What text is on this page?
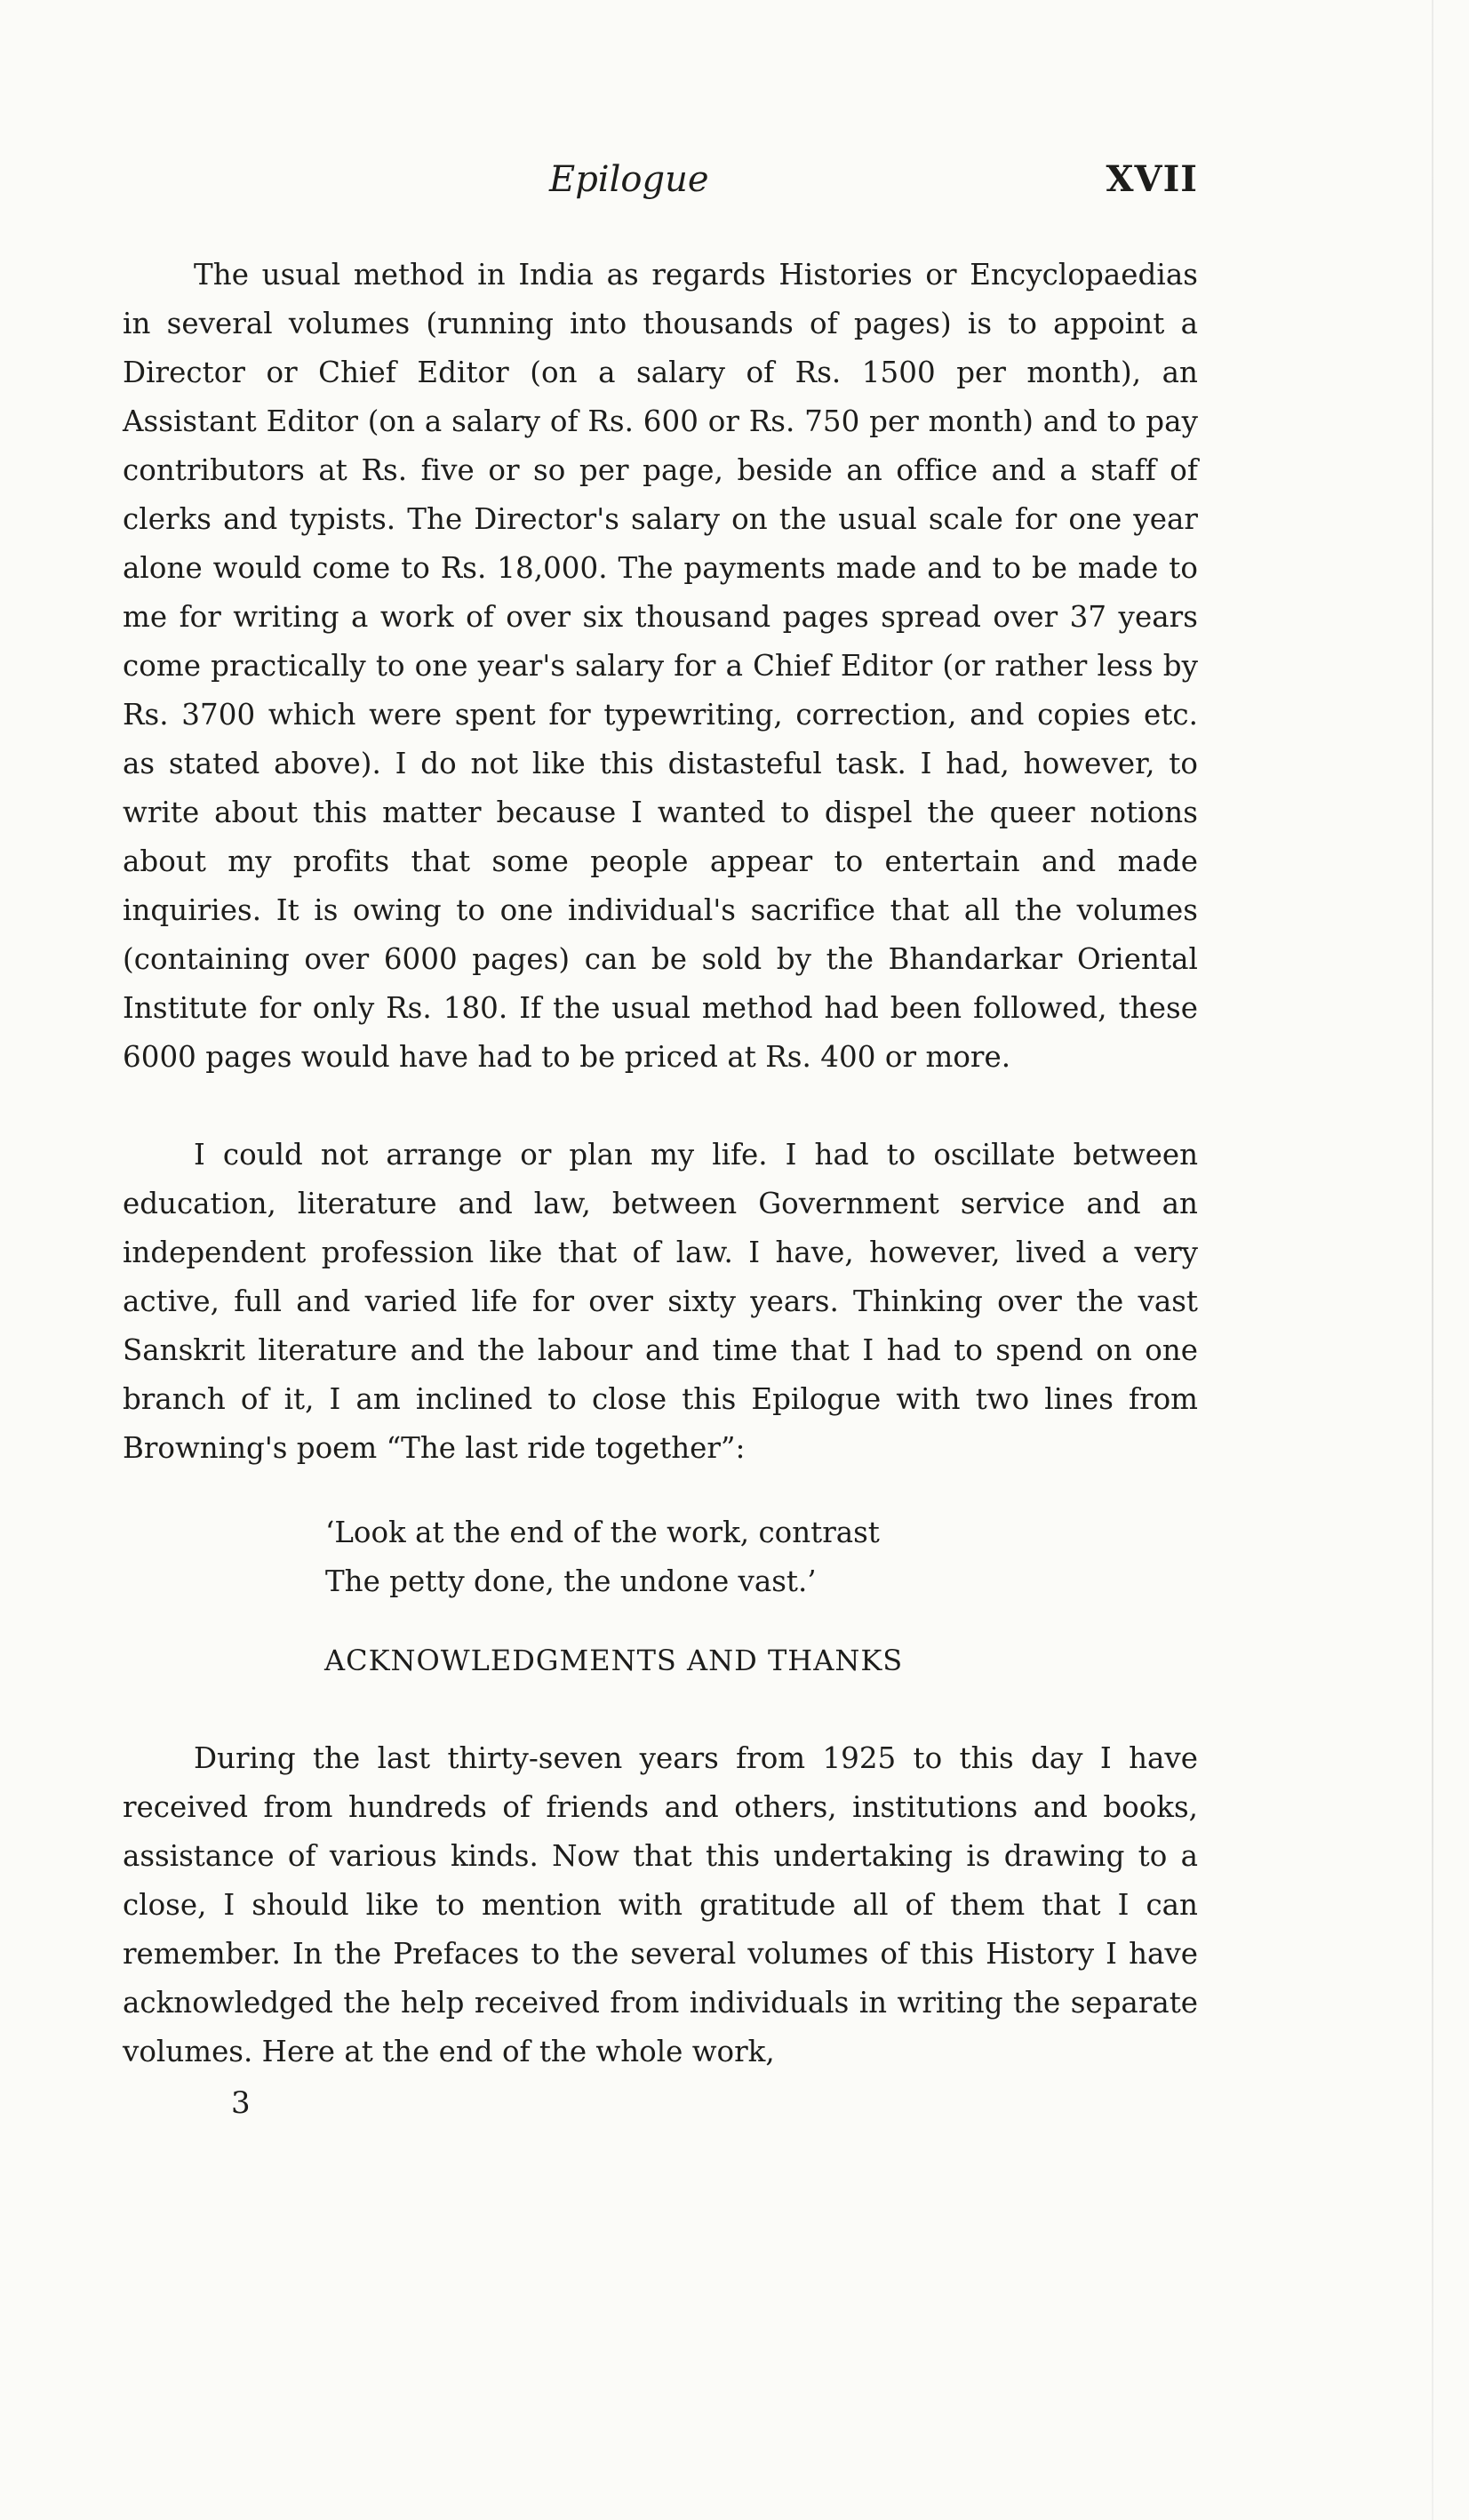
Epilogue	XVII

The usual method in India as regards Histories or Encyclopaedias in several volumes (running into thousands of pages) is to appoint a Director or Chief Editor (on a salary of Rs. 1500 per month), an Assistant Editor (on a salary of Rs. 600 or Rs. 750 per month) and to pay contributors at Rs. five or so per page, beside an office and a staff of clerks and typists. The Director's salary on the usual scale for one year alone would come to Rs. 18,000. The payments made and to be made to me for writing a work of over six thousand pages spread over 37 years come practically to one year's salary for a Chief Editor (or rather less by Rs. 3700 which were spent for typewriting, correction, and copies etc. as stated above). I do not like this distasteful task. I had, however, to write about this matter because I wanted to dispel the queer notions about my profits that some people appear to entertain and made inquiries. It is owing to one individual's sacrifice that all the volumes (containing over 6000 pages) can be sold by the Bhandarkar Oriental Institute for only Rs. 180. If the usual method had been followed, these 6000 pages would have had to be priced at Rs. 400 or more.

I could not arrange or plan my life. I had to oscillate between education, literature and law, between Government service and an independent profession like that of law. I have, however, lived a very active, full and varied life for over sixty years. Thinking over the vast Sanskrit literature and the labour and time that I had to spend on one branch of it, I am inclined to close this Epilogue with two lines from Browning's poem “The last ride together”:

‘Look at the end of the work, contrast
The petty done, the undone vast.’
ACKNOWLEDGMENTS AND THANKS

During the last thirty-seven years from 1925 to this day I have received from hundreds of friends and others, institutions and books, assistance of various kinds. Now that this undertaking is drawing to a close, I should like to mention with gratitude all of them that I can remember. In the Prefaces to the several volumes of this History I have acknowledged the help received from individuals in writing the separate volumes. Here at the end of the whole work,

3
